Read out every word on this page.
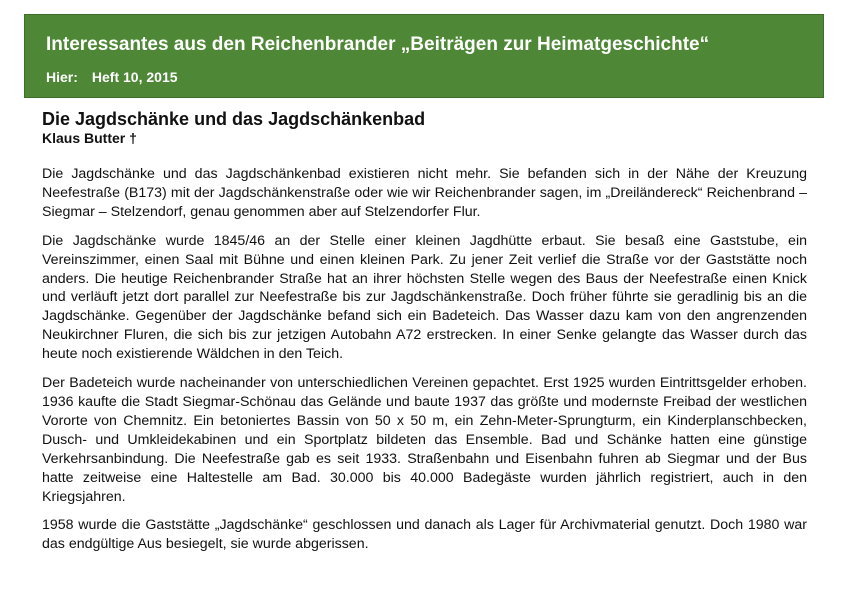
Interessantes aus den Reichenbrander „Beiträgen zur Heimatgeschichte“
Hier: Heft 10, 2015
Die Jagdschänke und das Jagdschänkenbad

Klaus Butter †

Die Jagdschänke und das Jagdschänkenbad existieren nicht mehr. Sie befanden sich in der Nähe der Kreuzung Neefestraße (B173) mit der Jagdschänkenstraße oder wie wir Reichenbrander sagen, im „Dreiländereck“ Reichenbrand – Siegmar – Stelzendorf, genau genommen aber auf Stelzendorfer Flur.

Die Jagdschänke wurde 1845/46 an der Stelle einer kleinen Jagdhütte erbaut. Sie besaß eine Gaststube, ein Vereinszimmer, einen Saal mit Bühne und einen kleinen Park. Zu jener Zeit verlief die Straße vor der Gaststätte noch anders. Die heutige Reichenbrander Straße hat an ihrer höchsten Stelle wegen des Baus der Neefestraße einen Knick und verläuft jetzt dort parallel zur Neefestraße bis zur Jagdschänkenstraße. Doch früher führte sie geradlinig bis an die Jagdschänke. Gegenüber der Jagdschänke befand sich ein Badeteich. Das Wasser dazu kam von den angrenzenden Neukirchner Fluren, die sich bis zur jetzigen Autobahn A72 erstrecken. In einer Senke gelangte das Wasser durch das heute noch existierende Wäldchen in den Teich.

Der Badeteich wurde nacheinander von unterschiedlichen Vereinen gepachtet. Erst 1925 wurden Eintrittsgelder erhoben. 1936 kaufte die Stadt Siegmar-Schönau das Gelände und baute 1937 das größte und modernste Freibad der westlichen Vororte von Chemnitz. Ein betoniertes Bassin von 50 x 50 m, ein Zehn-Meter-Sprungturm, ein Kinderplanschbecken, Dusch- und Umkleidekabinen und ein Sportplatz bildeten das Ensemble. Bad und Schänke hatten eine günstige Verkehrsanbindung. Die Neefestraße gab es seit 1933. Straßenbahn und Eisenbahn fuhren ab Siegmar und der Bus hatte zeitweise eine Haltestelle am Bad. 30.000 bis 40.000 Badegäste wurden jährlich registriert, auch in den Kriegsjahren.

1958 wurde die Gaststätte „Jagdschänke“ geschlossen und danach als Lager für Archivmaterial genutzt. Doch 1980 war das endgültige Aus besiegelt, sie wurde abgerissen.
